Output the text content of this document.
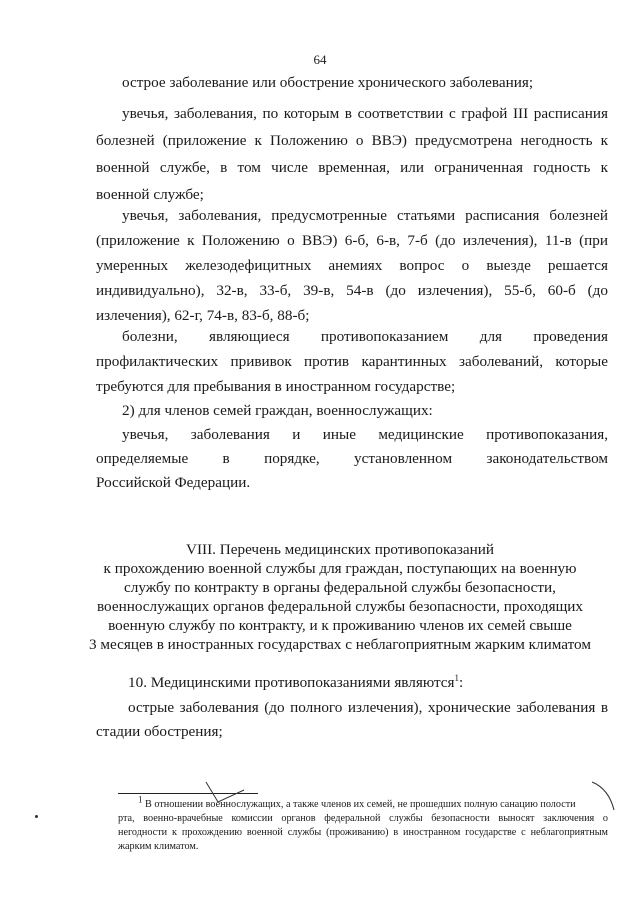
64
острое заболевание или обострение хронического заболевания;
увечья, заболевания, по которым в соответствии с графой III расписания
болезней (приложение к Положению о ВВЭ) предусмотрена негодность к
военной службе, в том числе временная, или ограниченная годность к
военной службе;
увечья, заболевания, предусмотренные статьями расписания болезней
(приложение к Положению о ВВЭ) 6-б, 6-в, 7-б (до излечения), 11-в (при
умеренных железодефицитных анемиях вопрос о выезде решается
индивидуально), 32-в, 33-б, 39-в, 54-в (до излечения), 55-б, 60-б (до
излечения), 62-г, 74-в, 83-б, 88-б;
болезни, являющиеся противопоказанием для проведения
профилактических прививок против карантинных заболеваний, которые
требуются для пребывания в иностранном государстве;
2) для членов семей граждан, военнослужащих:
увечья, заболевания и иные медицинские противопоказания,
определяемые в порядке, установленном законодательством
Российской Федерации.
VIII. Перечень медицинских противопоказаний
к прохождению военной службы для граждан, поступающих на военную
службу по контракту в органы федеральной службы безопасности,
военнослужащих органов федеральной службы безопасности, проходящих
военную службу по контракту, и к проживанию членов их семей свыше
3 месяцев в иностранных государствах с неблагоприятным жарким климатом
10. Медицинскими противопоказаниями являются$^1$:
острые заболевания (до полного излечения), хронические заболевания в
стадии обострения;
$^1$ В отношении военнослужащих, а также членов их семей, не прошедших полную санацию полости
рта, военно-врачебные комиссии органов федеральной службы безопасности выносят заключения о
негодности к прохождению военной службы (проживанию) в иностранном государстве с неблагоприятным
жарким климатом.
